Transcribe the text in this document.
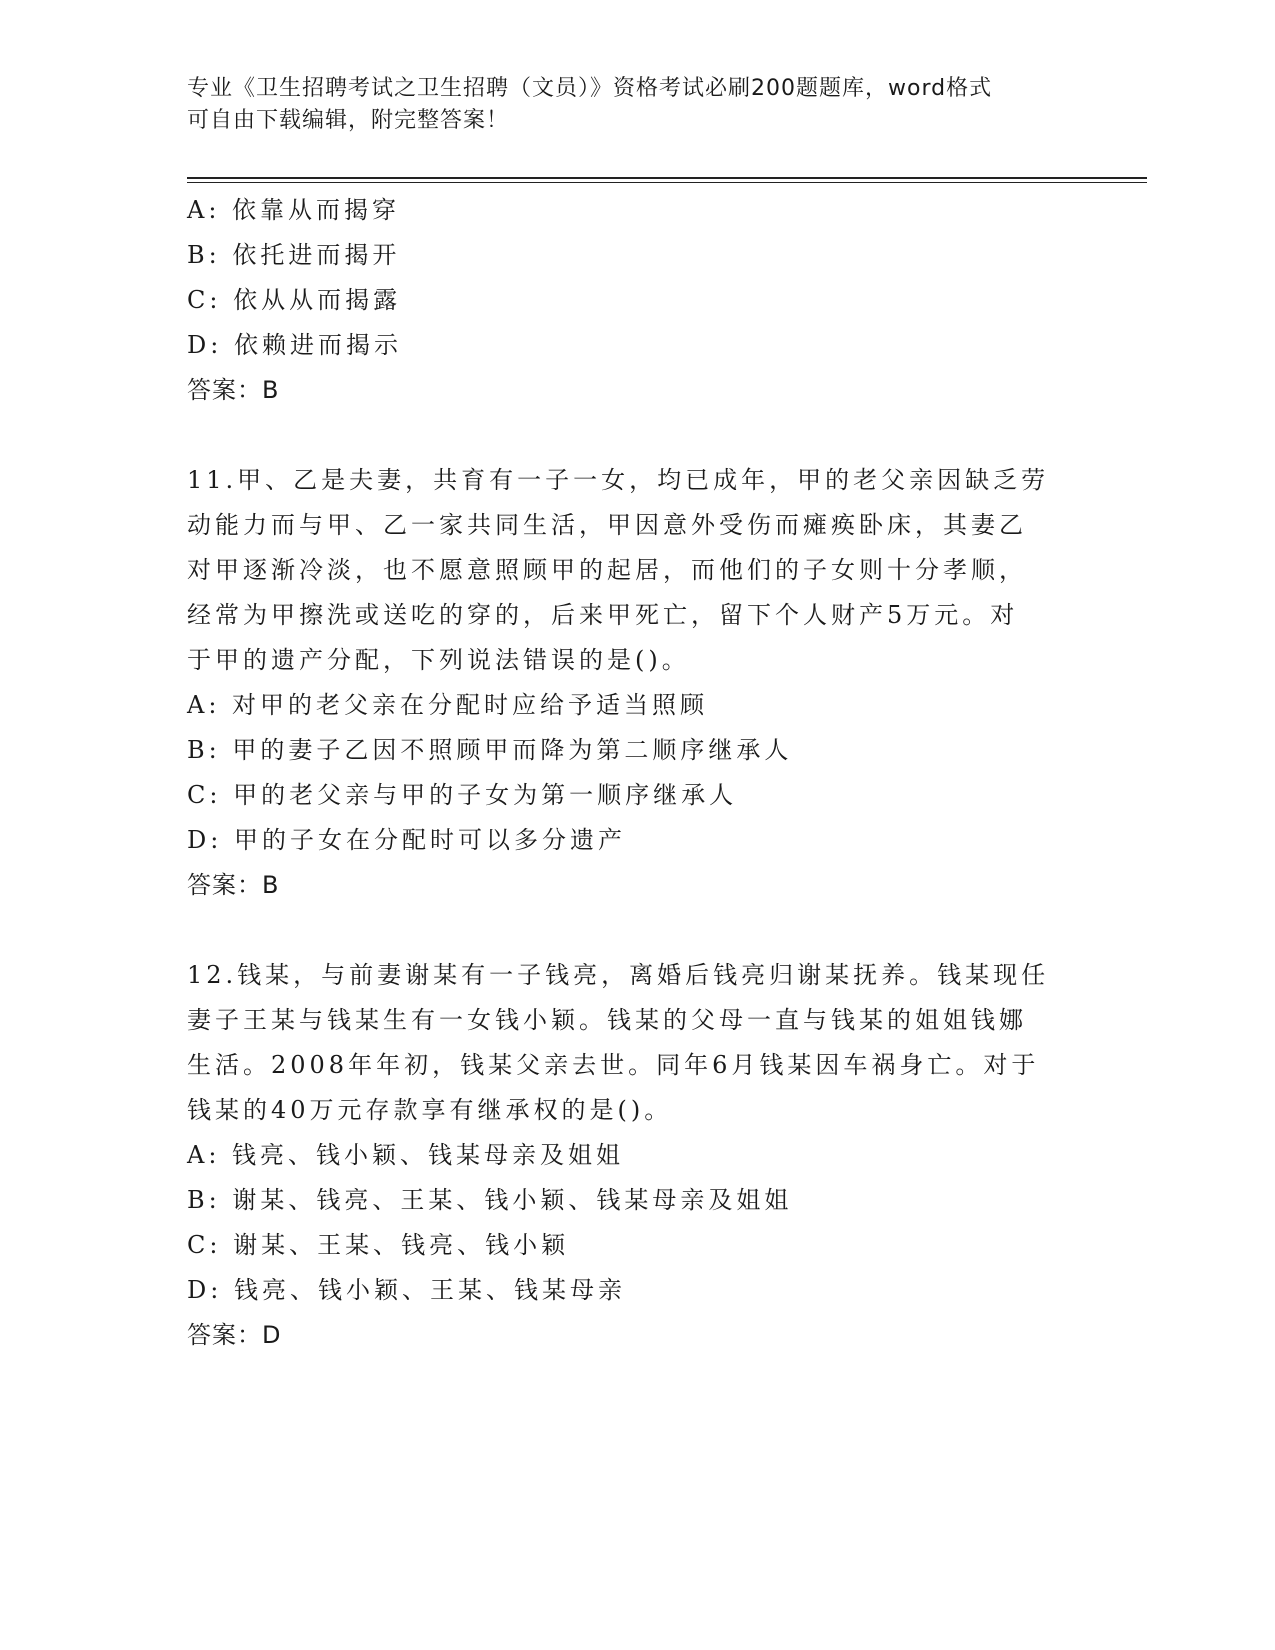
专业《卫生招聘考试之卫生招聘（文员）》资格考试必刷200题题库，word格式

可自由下载编辑，附完整答案！

A: 依靠从而揭穿

B: 依托进而揭开

C: 依从从而揭露

D: 依赖进而揭示

答案：B

11.甲、乙是夫妻，共育有一子一女，均已成年，甲的老父亲因缺乏劳

动能力而与甲、乙一家共同生活，甲因意外受伤而瘫痪卧床，其妻乙

对甲逐渐冷淡，也不愿意照顾甲的起居，而他们的子女则十分孝顺，

经常为甲擦洗或送吃的穿的，后来甲死亡，留下个人财产5万元。对

于甲的遗产分配，下列说法错误的是()。

A: 对甲的老父亲在分配时应给予适当照顾

B: 甲的妻子乙因不照顾甲而降为第二顺序继承人

C: 甲的老父亲与甲的子女为第一顺序继承人

D: 甲的子女在分配时可以多分遗产

答案：B

12.钱某，与前妻谢某有一子钱亮，离婚后钱亮归谢某抚养。钱某现任

妻子王某与钱某生有一女钱小颖。钱某的父母一直与钱某的姐姐钱娜

生活。2008年年初，钱某父亲去世。同年6月钱某因车祸身亡。对于

钱某的40万元存款享有继承权的是()。

A: 钱亮、钱小颖、钱某母亲及姐姐

B: 谢某、钱亮、王某、钱小颖、钱某母亲及姐姐

C: 谢某、王某、钱亮、钱小颖

D: 钱亮、钱小颖、王某、钱某母亲

答案：D
